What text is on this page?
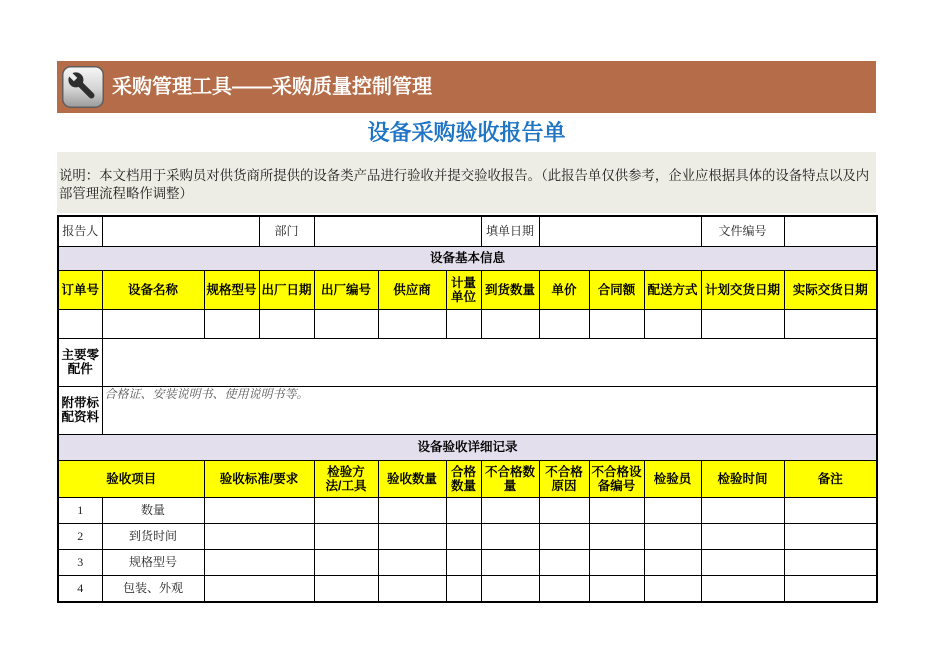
采购管理工具——采购质量控制管理
设备采购验收报告单
说明：本文档用于采购员对供货商所提供的设备类产品进行验收并提交验收报告。（此报告单仅供参考，企业应根据具体的设备特点以及内部管理流程略作调整）
报告人			部门				填单日期				文件编号	
设备基本信息												
订单号	设备名称	规格型号	出厂日期	出厂编号	供应商	计量单位	到货数量	单价	合同额	配送方式	计划交货日期	实际交货日期

主要零配件												
附带标配资料	合格证、安装说明书、使用说明书等。											
设备验收详细记录												
验收项目		验收标准/要求		检验方法/工具	验收数量	合格数量	不合格数量	不合格原因	不合格设备编号	检验员	检验时间	备注
1	数量											
2	到货时间											
3	规格型号											
4	包装、外观											
